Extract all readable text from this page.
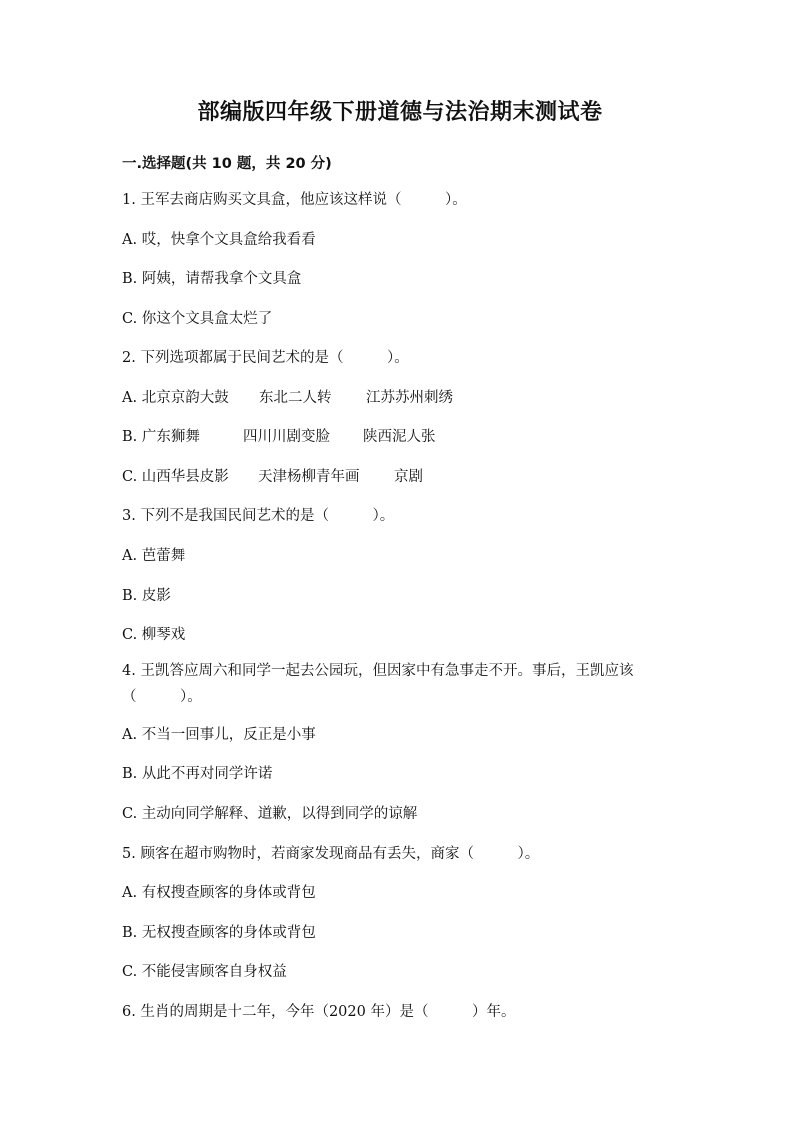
部编版四年级下册道德与法治期末测试卷
一.选择题(共 10 题，共 20 分)
1. 王军去商店购买文具盒，他应该这样说（　　　）。
A. 哎，快拿个文具盒给我看看
B. 阿姨，请帮我拿个文具盒
C. 你这个文具盒太烂了
2. 下列选项都属于民间艺术的是（　　　）。
A. 北京京韵大鼓 东北二人转 江苏苏州刺绣
B. 广东狮舞	四川川剧变脸 陕西泥人张
C. 山西华县皮影 天津杨柳青年画 京剧
3. 下列不是我国民间艺术的是（　　　）。
A. 芭蕾舞
B. 皮影
C. 柳琴戏
4. 王凯答应周六和同学一起去公园玩，但因家中有急事走不开。事后，王凯应该（　　　）。
A. 不当一回事儿，反正是小事
B. 从此不再对同学许诺
C. 主动向同学解释、道歉，以得到同学的谅解
5. 顾客在超市购物时，若商家发现商品有丢失，商家（　　　）。
A. 有权搜查顾客的身体或背包
B. 无权搜查顾客的身体或背包
C. 不能侵害顾客自身权益
6. 生肖的周期是十二年，今年（2020 年）是（　　　）年。
